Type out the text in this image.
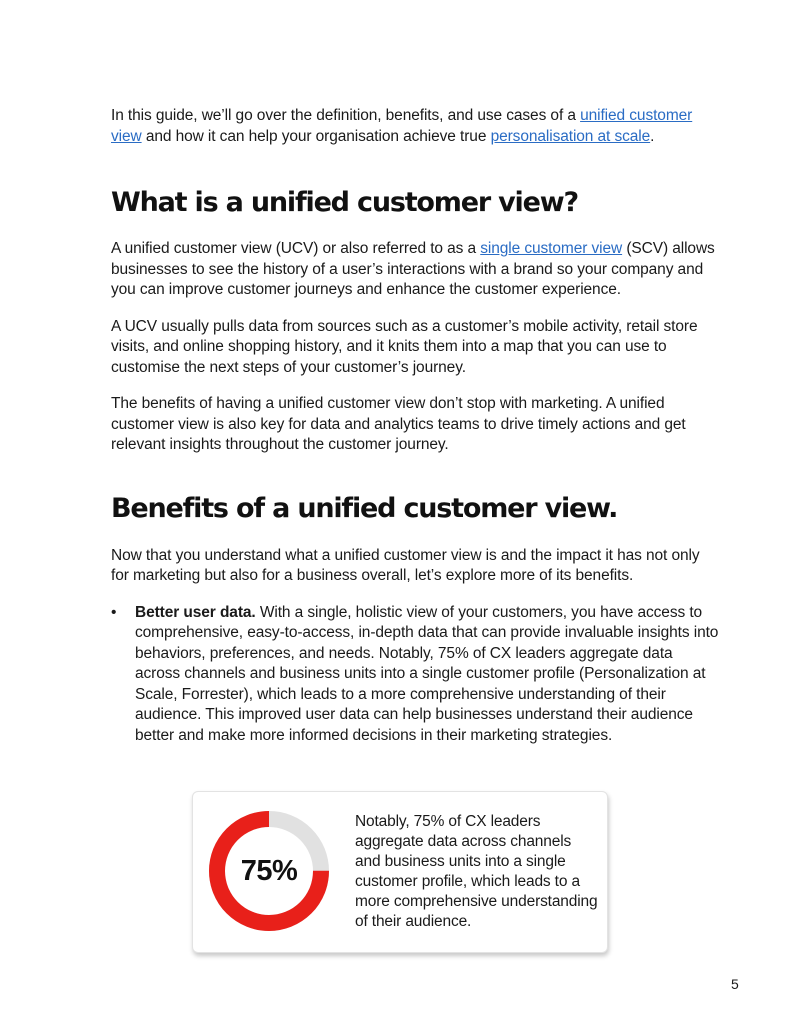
In this guide, we’ll go over the definition, benefits, and use cases of a unified customer view and how it can help your organisation achieve true personalisation at scale.

What is a unified customer view?

A unified customer view (UCV) or also referred to as a single customer view (SCV) allows businesses to see the history of a user’s interactions with a brand so your company and you can improve customer journeys and enhance the customer experience.

A UCV usually pulls data from sources such as a customer’s mobile activity, retail store visits, and online shopping history, and it knits them into a map that you can use to customise the next steps of your customer’s journey.

The benefits of having a unified customer view don’t stop with marketing. A unified customer view is also key for data and analytics teams to drive timely actions and get relevant insights throughout the customer journey.

Benefits of a unified customer view.

Now that you understand what a unified customer view is and the impact it has not only for marketing but also for a business overall, let’s explore more of its benefits.

• Better user data. With a single, holistic view of your customers, you have access to comprehensive, easy-to-access, in-depth data that can provide invaluable insights into behaviors, preferences, and needs. Notably, 75% of CX leaders aggregate data across channels and business units into a single customer profile (Personalization at Scale, Forrester), which leads to a more comprehensive understanding of their audience. This improved user data can help businesses understand their audience better and make more informed decisions in their marketing strategies.
75%
Notably, 75% of CX leaders aggregate data across channels and business units into a single customer profile, which leads to a more comprehensive understanding of their audience.
5
